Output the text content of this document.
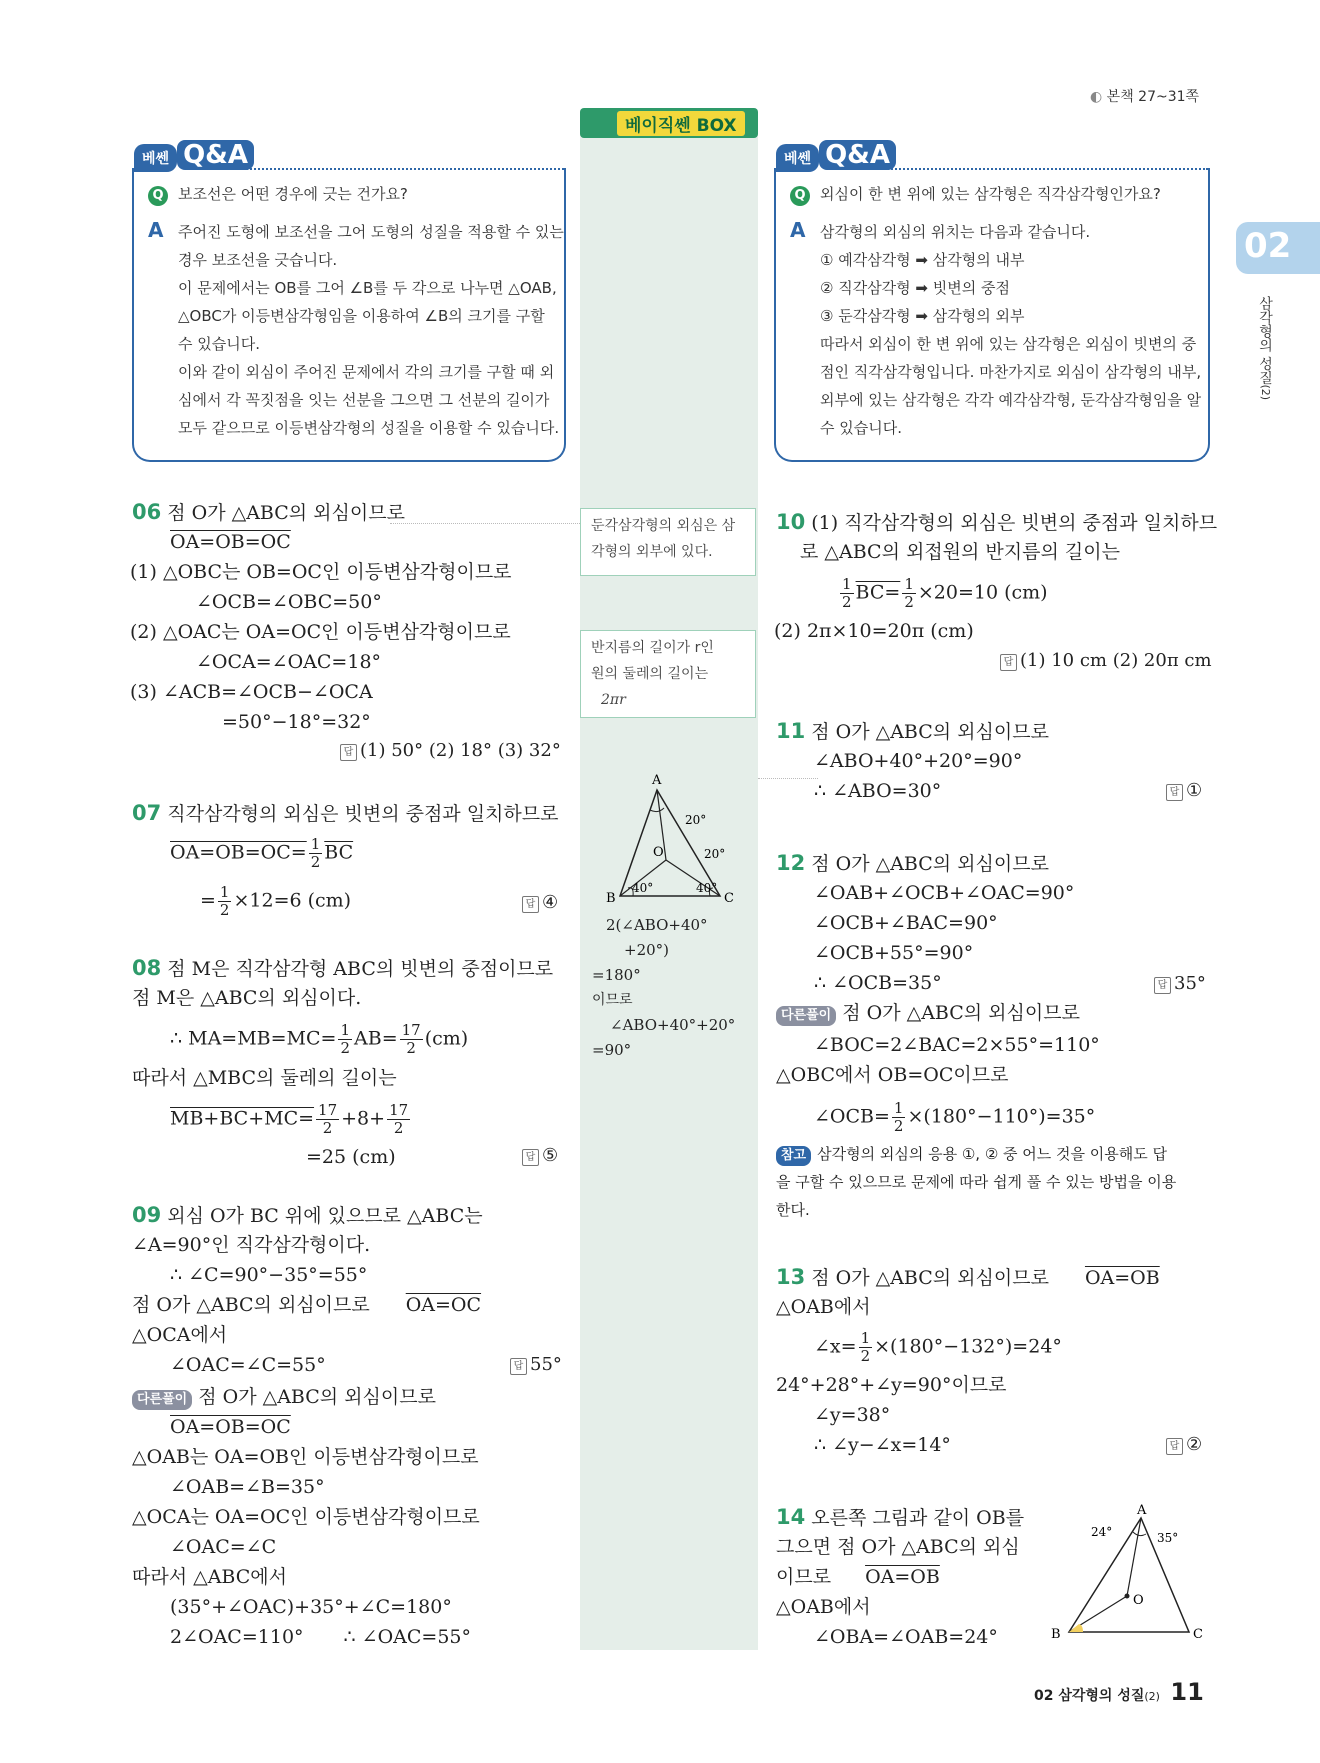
◐ 본책 27~31쪽
02
삼각형의 성질(2)
베이직쎈 BOX
둔각삼각형의 외심은 삼각형의 외부에 있다.
반지름의 길이가 r인
원의 둘레의 길이는
2πr
A
B	C
O
20°
20°
40°	40°
2(∠ABO+40°
+20°)
=180°
이므로
∠ABO+40°+20°
=90°
베쎈 Q&A
Q 보조선은 어떤 경우에 긋는 건가요?
A 주어진 도형에 보조선을 그어 도형의 성질을 적용할 수 있는
경우 보조선을 긋습니다.
이 문제에서는 OB를 그어 ∠B를 두 각으로 나누면 △OAB,
△OBC가 이등변삼각형임을 이용하여 ∠B의 크기를 구할
수 있습니다.
이와 같이 외심이 주어진 문제에서 각의 크기를 구할 때 외
심에서 각 꼭짓점을 잇는 선분을 그으면 그 선분의 길이가
모두 같으므로 이등변삼각형의 성질을 이용할 수 있습니다.
베쎈 Q&A
Q 외심이 한 변 위에 있는 삼각형은 직각삼각형인가요?
A 삼각형의 외심의 위치는 다음과 같습니다.
① 예각삼각형 ➡ 삼각형의 내부
② 직각삼각형 ➡ 빗변의 중점
③ 둔각삼각형 ➡ 삼각형의 외부
따라서 외심이 한 변 위에 있는 삼각형은 외심이 빗변의 중
점인 직각삼각형입니다. 마찬가지로 외심이 삼각형의 내부,
외부에 있는 삼각형은 각각 예각삼각형, 둔각삼각형임을 알
수 있습니다.
06 점 O가 △ABC의 외심이므로
OA=OB=OC
(1) △OBC는 OB=OC인 이등변삼각형이므로
∠OCB=∠OBC=50°
(2) △OAC는 OA=OC인 이등변삼각형이므로
∠OCA=∠OAC=18°
(3) ∠ACB=∠OCB−∠OCA
=50°−18°=32°
답 (1) 50° (2) 18° (3) 32°
07 직각삼각형의 외심은 빗변의 중점과 일치하므로
$OA=OB=OC= \frac{1}{2} \overline{BC}$
= $\frac{1}{2} \times 12=6$ (cm)	답 ④
08 점 M은 직각삼각형 ABC의 빗변의 중점이므로
점 M은 △ABC의 외심이다.
∴ $MA=MB=MC= \frac{1}{2} AB= \frac{17}{2} (cm)$
따라서 △MBC의 둘레의 길이는
$MB+BC+MC= \frac{17}{2} +8+ \frac{17}{2}$
=25 (cm)	답 ⑤
09 외심 O가 BC 위에 있으므로 △ABC는
∠A=90°인 직각삼각형이다.
∴ ∠C=90°−35°=55°
점 O가 △ABC의 외심이므로 OA=OC
△OCA에서
∠OAC=∠C=55°	답 55°
다른풀이 점 O가 △ABC의 외심이므로
OA=OB=OC
△OAB는 OA=OB인 이등변삼각형이므로
∠OAB=∠B=35°
△OCA는 OA=OC인 이등변삼각형이므로
∠OAC=∠C
따라서 △ABC에서
(35°+∠OAC)+35°+∠C=180°
2∠OAC=110° ∴ ∠OAC=55°
10 (1) 직각삼각형의 외심은 빗변의 중점과 일치하므
로 △ABC의 외접원의 반지름의 길이는
$\frac{1}{2} BC= \frac{1}{2} \times 20=10$ (cm)
(2) 2π×10=20π (cm)
답 (1) 10 cm (2) 20π cm
11 점 O가 △ABC의 외심이므로
∠ABO+40°+20°=90°
∴ ∠ABO=30°	답 ①
12 점 O가 △ABC의 외심이므로
∠OAB+∠OCB+∠OAC=90°
∠OCB+∠BAC=90°
∠OCB+55°=90°
∴ ∠OCB=35°	답 35°
다른풀이 점 O가 △ABC의 외심이므로
∠BOC=2∠BAC=2×55°=110°
△OBC에서 OB=OC이므로
∠OCB= $\frac{1}{2} \times(180^\circ-110^\circ)=35^\circ$
참고 삼각형의 외심의 응용 ①, ② 중 어느 것을 이용해도 답
을 구할 수 있으므로 문제에 따라 쉽게 풀 수 있는 방법을 이용
한다.
13 점 O가 △ABC의 외심이므로 OA=OB
△OAB에서
∠x= $\frac{1}{2} \times(180^\circ-132^\circ)=24^\circ$
24°+28°+∠y=90°이므로
∠y=38°
∴ ∠y−∠x=14°	답 ②
14 오른쪽 그림과 같이 OB를
그으면 점 O가 △ABC의 외심
이므로 OA=OB
△OAB에서
∠OBA=∠OAB=24°
A
B	C
O
24°	35°
02 삼각형의 성질(2) 11
